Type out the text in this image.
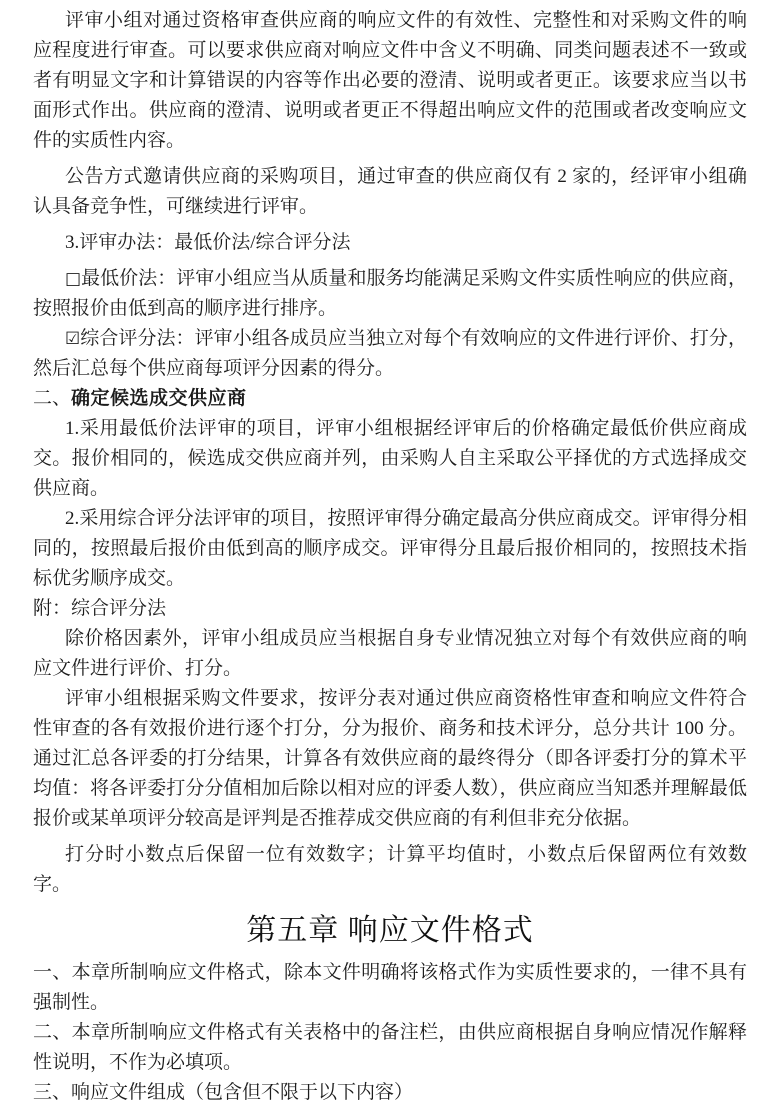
评审小组对通过资格审查供应商的响应文件的有效性、完整性和对采购文件的响应程度进行审查。可以要求供应商对响应文件中含义不明确、同类问题表述不一致或者有明显文字和计算错误的内容等作出必要的澄清、说明或者更正。该要求应当以书面形式作出。供应商的澄清、说明或者更正不得超出响应文件的范围或者改变响应文件的实质性内容。

公告方式邀请供应商的采购项目，通过审查的供应商仅有 2 家的，经评审小组确认具备竞争性，可继续进行评审。

3.评审办法：最低价法/综合评分法

□最低价法：评审小组应当从质量和服务均能满足采购文件实质性响应的供应商，按照报价由低到高的顺序进行排序。

☑综合评分法：评审小组各成员应当独立对每个有效响应的文件进行评价、打分，然后汇总每个供应商每项评分因素的得分。

二、确定候选成交供应商

1.采用最低价法评审的项目，评审小组根据经评审后的价格确定最低价供应商成交。报价相同的，候选成交供应商并列，由采购人自主采取公平择优的方式选择成交供应商。

2.采用综合评分法评审的项目，按照评审得分确定最高分供应商成交。评审得分相同的，按照最后报价由低到高的顺序成交。评审得分且最后报价相同的，按照技术指标优劣顺序成交。

附：综合评分法

除价格因素外，评审小组成员应当根据自身专业情况独立对每个有效供应商的响应文件进行评价、打分。

评审小组根据采购文件要求，按评分表对通过供应商资格性审查和响应文件符合性审查的各有效报价进行逐个打分，分为报价、商务和技术评分，总分共计 100 分。通过汇总各评委的打分结果，计算各有效供应商的最终得分（即各评委打分的算术平均值：将各评委打分分值相加后除以相对应的评委人数），供应商应当知悉并理解最低报价或某单项评分较高是评判是否推荐成交供应商的有利但非充分依据。

打分时小数点后保留一位有效数字；计算平均值时，小数点后保留两位有效数字。

第五章 响应文件格式

一、本章所制响应文件格式，除本文件明确将该格式作为实质性要求的，一律不具有强制性。

二、本章所制响应文件格式有关表格中的备注栏，由供应商根据自身响应情况作解释性说明，不作为必填项。

三、响应文件组成（包含但不限于以下内容）
